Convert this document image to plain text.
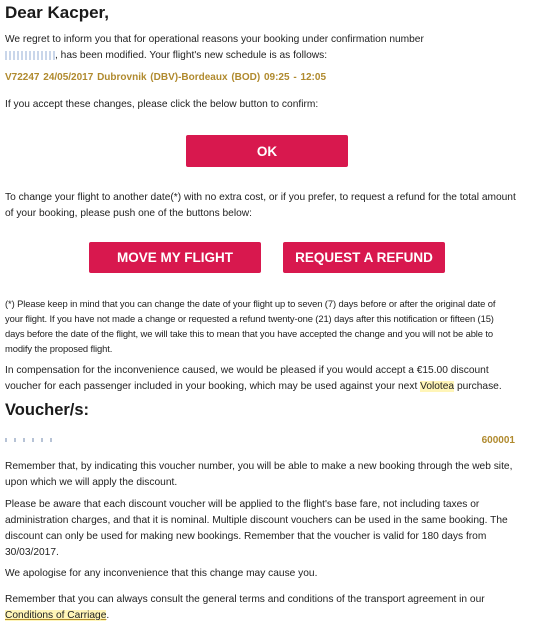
Dear Kacper,

We regret to inform you that for operational reasons your booking under confirmation number

, has been modified. Your flight's new schedule is as follows:

V72247 24/05/2017 Dubrovnik (DBV)-Bordeaux (BOD) 09:25 - 12:05

If you accept these changes, please click the below button to confirm:

OK

To change your flight to another date(*) with no extra cost, or if you prefer, to request a refund for the total amount

of your booking, please push one of the buttons below:

MOVE MY FLIGHT	REQUEST A REFUND

(*) Please keep in mind that you can change the date of your flight up to seven (7) days before or after the original date of

your flight. If you have not made a change or requested a refund twenty-one (21) days after this notification or fifteen (15)

days before the date of the flight, we will take this to mean that you have accepted the change and you will not be able to

modify the proposed flight.

In compensation for the inconvenience caused, we would be pleased if you would accept a €15.00 discount

voucher for each passenger included in your booking, which may be used against your next Volotea purchase.

Voucher/s:
600001

Remember that, by indicating this voucher number, you will be able to make a new booking through the web site,

upon which we will apply the discount.

Please be aware that each discount voucher will be applied to the flight's base fare, not including taxes or

administration charges, and that it is nominal. Multiple discount vouchers can be used in the same booking. The

discount can only be used for making new bookings. Remember that the voucher is valid for 180 days from

30/03/2017.

We apologise for any inconvenience that this change may cause you.

Remember that you can always consult the general terms and conditions of the transport agreement in our

Conditions of Carriage.
